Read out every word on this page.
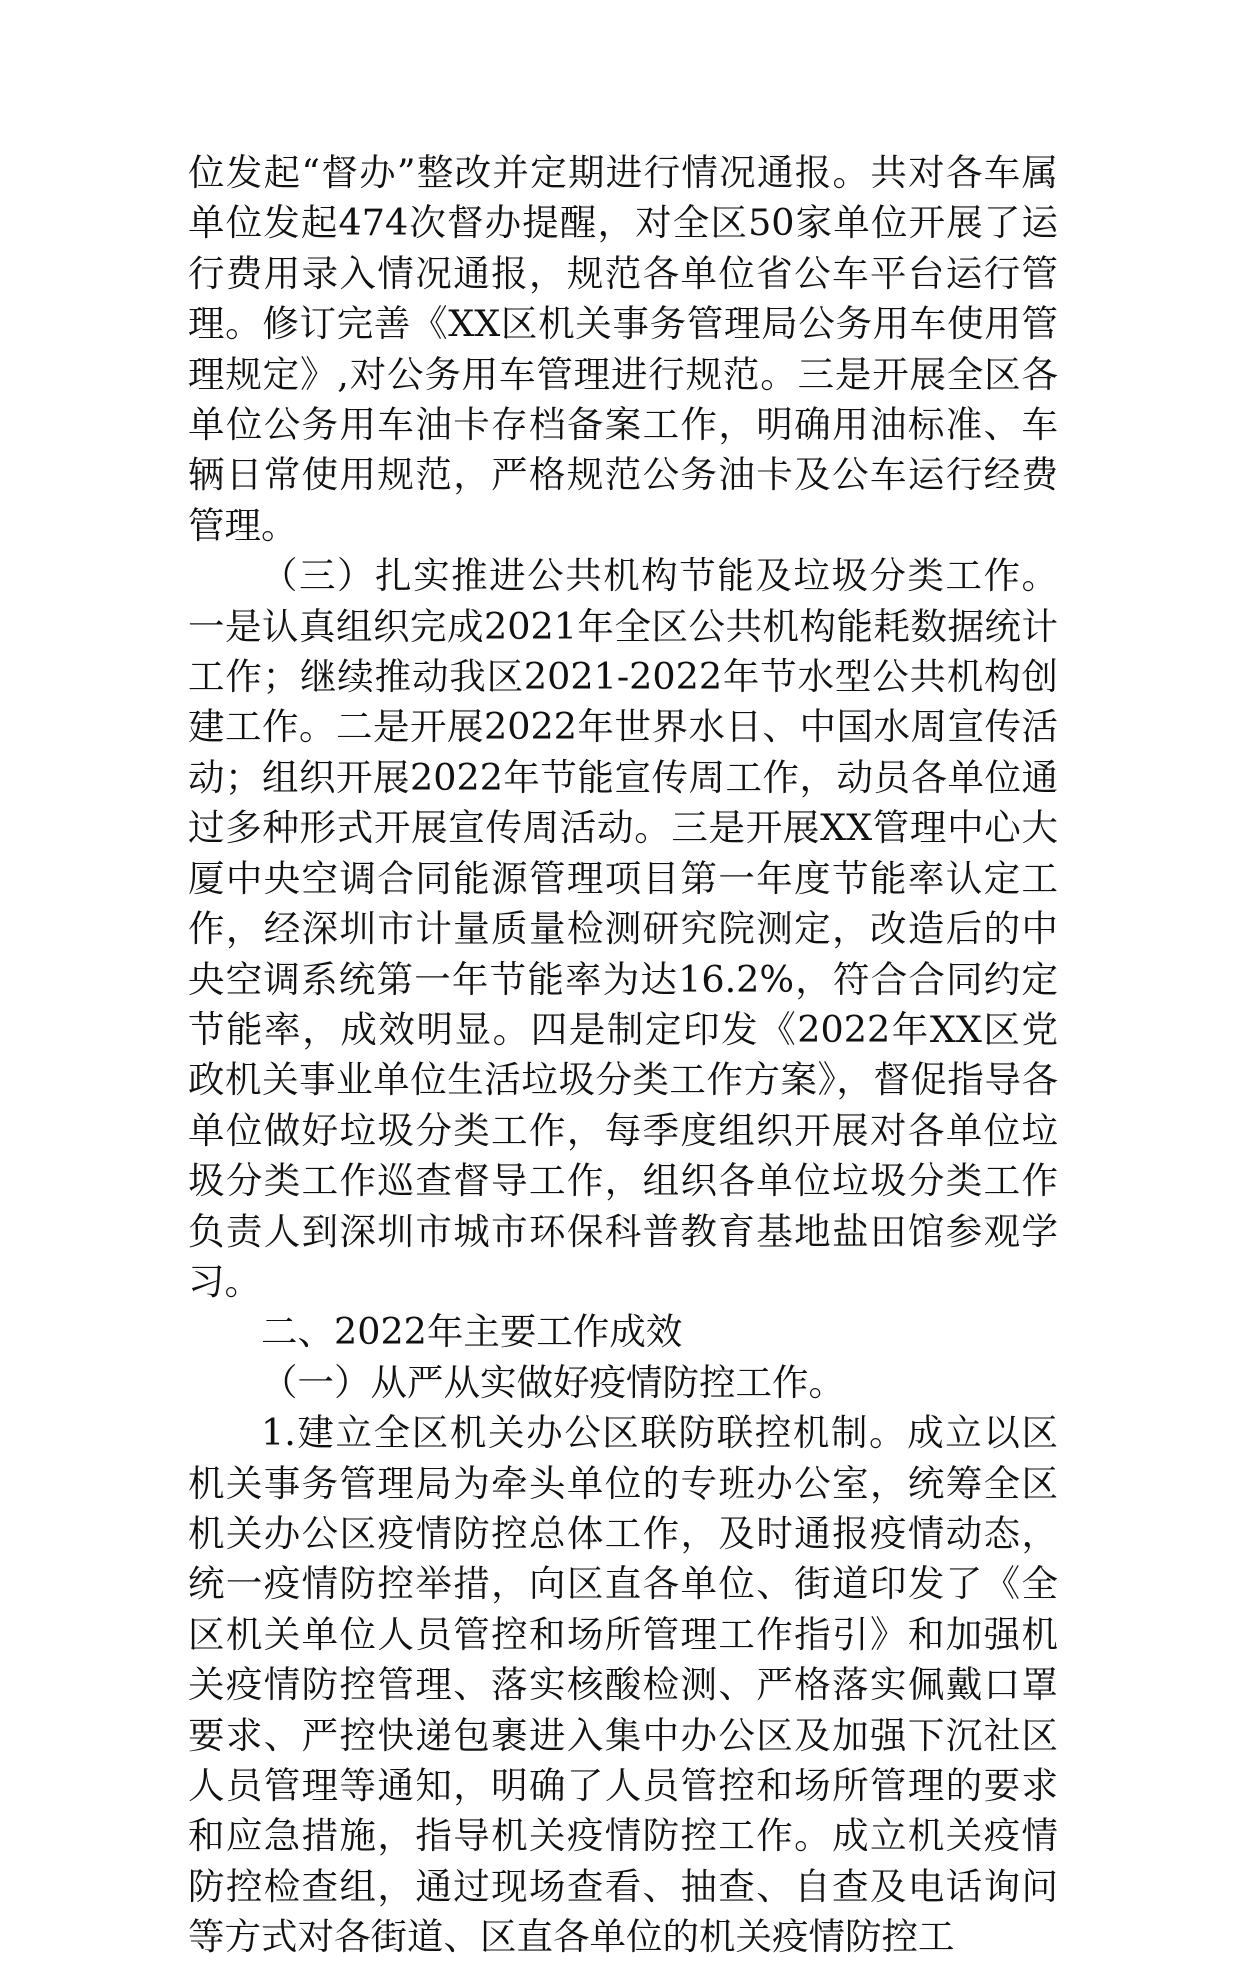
位发起“督办”整改并定期进行情况通报。共对各车属单位发起474次督办提醒，对全区50家单位开展了运行费用录入情况通报，规范各单位省公车平台运行管理。修订完善《XX区机关事务管理局公务用车使用管理规定》,对公务用车管理进行规范。三是开展全区各单位公务用车油卡存档备案工作，明确用油标准、车辆日常使用规范，严格规范公务油卡及公车运行经费管理。

（三）扎实推进公共机构节能及垃圾分类工作。一是认真组织完成2021年全区公共机构能耗数据统计工作；继续推动我区2021-2022年节水型公共机构创建工作。二是开展2022年世界水日、中国水周宣传活动；组织开展2022年节能宣传周工作，动员各单位通过多种形式开展宣传周活动。三是开展XX管理中心大厦中央空调合同能源管理项目第一年度节能率认定工作，经深圳市计量质量检测研究院测定，改造后的中央空调系统第一年节能率为达16.2%，符合合同约定节能率，成效明显。四是制定印发《2022年XX区党政机关事业单位生活垃圾分类工作方案》，督促指导各单位做好垃圾分类工作，每季度组织开展对各单位垃圾分类工作巡查督导工作，组织各单位垃圾分类工作负责人到深圳市城市环保科普教育基地盐田馆参观学习。

二、2022年主要工作成效

（一）从严从实做好疫情防控工作。

1.建立全区机关办公区联防联控机制。成立以区机关事务管理局为牵头单位的专班办公室，统筹全区机关办公区疫情防控总体工作，及时通报疫情动态，统一疫情防控举措，向区直各单位、街道印发了《全区机关单位人员管控和场所管理工作指引》和加强机关疫情防控管理、落实核酸检测、严格落实佩戴口罩要求、严控快递包裹进入集中办公区及加强下沉社区人员管理等通知，明确了人员管控和场所管理的要求和应急措施，指导机关疫情防控工作。成立机关疫情防控检查组，通过现场查看、抽查、自查及电话询问等方式对各街道、区直各单位的机关疫情防控工
